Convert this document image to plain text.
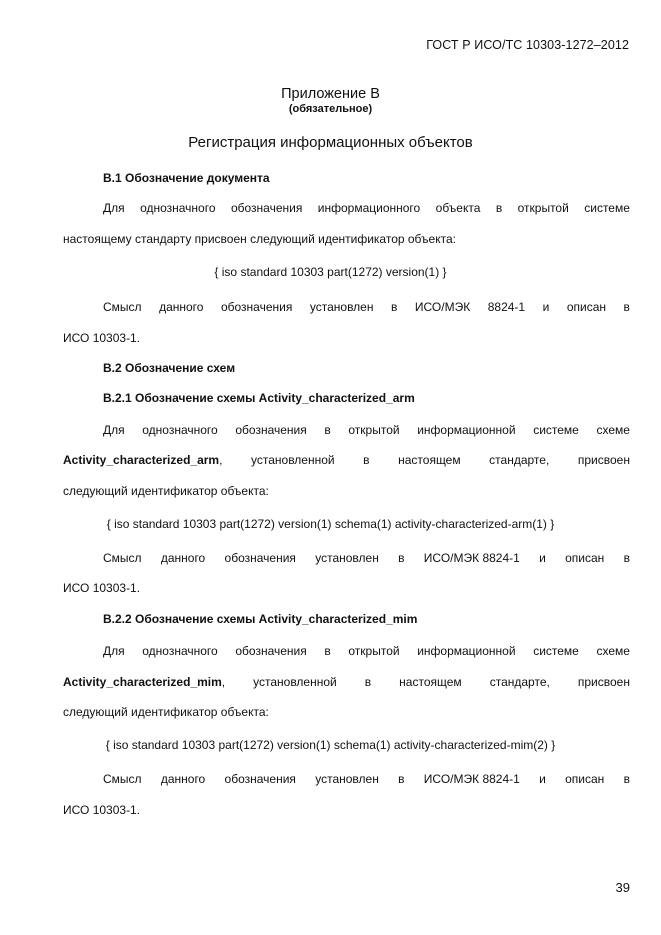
ГОСТ Р ИСО/ТС 10303-1272–2012
Приложение В
(обязательное)
Регистрация информационных объектов
В.1 Обозначение документа
Для однозначного обозначения информационного объекта в открытой системе
настоящему стандарту присвоен следующий идентификатор объекта:
{ iso standard 10303 part(1272) version(1) }
Смысл данного обозначения установлен в ИСО/МЭК 8824-1 и описан в
ИСО 10303-1.
В.2 Обозначение схем
В.2.1 Обозначение схемы Activity_characterized_arm
Для однозначного обозначения в открытой информационной системе схеме
Activity_characterized_arm, установленной в настоящем стандарте, присвоен
следующий идентификатор объекта:
{ iso standard 10303 part(1272) version(1) schema(1) activity-characterized-arm(1) }
Смысл данного обозначения установлен в ИСО/МЭК 8824-1 и описан в
ИСО 10303-1.
В.2.2 Обозначение схемы Activity_characterized_mim
Для однозначного обозначения в открытой информационной системе схеме
Activity_characterized_mim, установленной в настоящем стандарте, присвоен
следующий идентификатор объекта:
{ iso standard 10303 part(1272) version(1) schema(1) activity-characterized-mim(2) }
Смысл данного обозначения установлен в ИСО/МЭК 8824-1 и описан в
ИСО 10303-1.
39
